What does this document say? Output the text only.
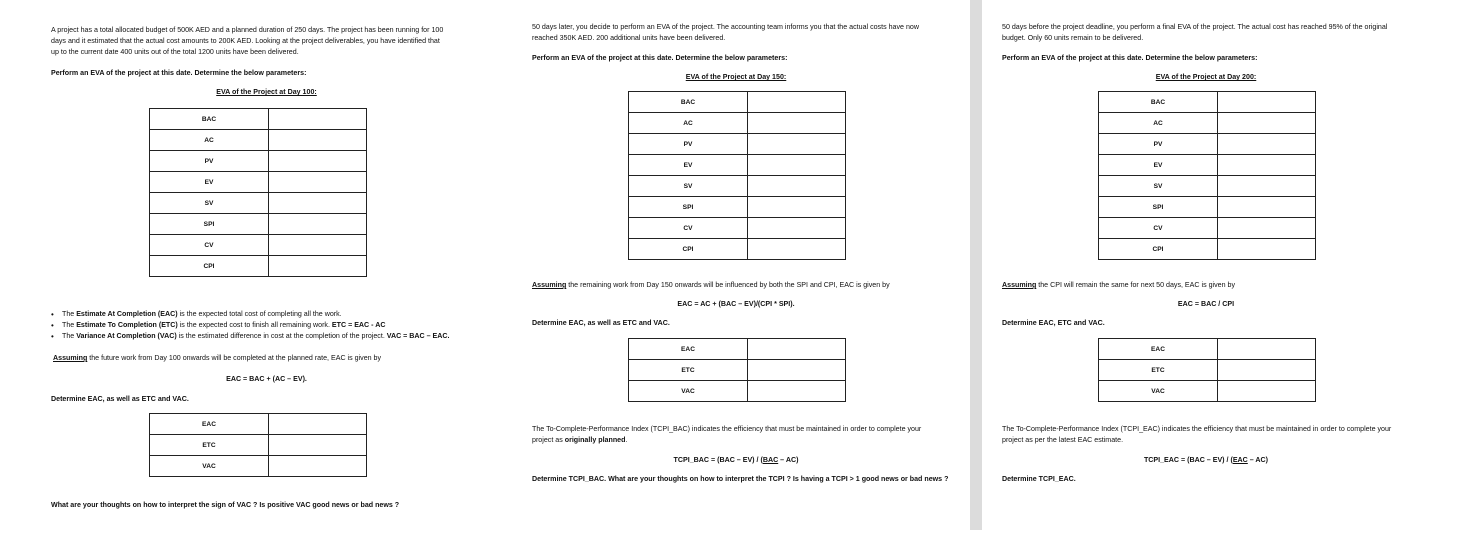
A project has a total allocated budget of 500K AED and a planned duration of 250 days. The project has been running for 100

days and it estimated that the actual cost amounts to 200K AED. Looking at the project deliverables, you have identified that

up to the current date 400 units out of the total 1200 units have been delivered.

Perform an EVA of the project at this date. Determine the below parameters:

EVA of the Project at Day 100:

BAC	
AC	
PV	
EV	
SV	
SPI	
CV	
CPI	
• The Estimate At Completion (EAC) is the expected total cost of completing all the work.
• The Estimate To Completion (ETC) is the expected cost to finish all remaining work. ETC = EAC - AC
• The Variance At Completion (VAC) is the estimated difference in cost at the completion of the project. VAC = BAC – EAC.

Assuming the future work from Day 100 onwards will be completed at the planned rate, EAC is given by

EAC = BAC + (AC – EV).

Determine EAC, as well as ETC and VAC.

EAC	
ETC	
VAC	

What are your thoughts on how to interpret the sign of VAC ? Is positive VAC good news or bad news ?

50 days later, you decide to perform an EVA of the project. The accounting team informs you that the actual costs have now

reached 350K AED. 200 additional units have been delivered.

Perform an EVA of the project at this date. Determine the below parameters:

EVA of the Project at Day 150:

BAC	
AC	
PV	
EV	
SV	
SPI	
CV	
CPI	

Assuming the remaining work from Day 150 onwards will be influenced by both the SPI and CPI, EAC is given by

EAC = AC + (BAC – EV)/(CPI * SPI).

Determine EAC, as well as ETC and VAC.

EAC	
ETC	
VAC	

The To-Complete-Performance Index (TCPI_BAC) indicates the efficiency that must be maintained in order to complete your

project as originally planned.

TCPI_BAC = (BAC – EV) / (BAC – AC)

Determine TCPI_BAC. What are your thoughts on how to interpret the TCPI ? Is having a TCPI > 1 good news or bad news ?

50 days before the project deadline, you perform a final EVA of the project. The actual cost has reached 95% of the original

budget. Only 60 units remain to be delivered.

Perform an EVA of the project at this date. Determine the below parameters:

EVA of the Project at Day 200:

BAC	
AC	
PV	
EV	
SV	
SPI	
CV	
CPI	

Assuming the CPI will remain the same for next 50 days, EAC is given by

EAC = BAC / CPI

Determine EAC, ETC and VAC.

EAC	
ETC	
VAC	

The To-Complete-Performance Index (TCPI_EAC) indicates the efficiency that must be maintained in order to complete your

project as per the latest EAC estimate.

TCPI_EAC = (BAC – EV) / (EAC – AC)

Determine TCPI_EAC.
